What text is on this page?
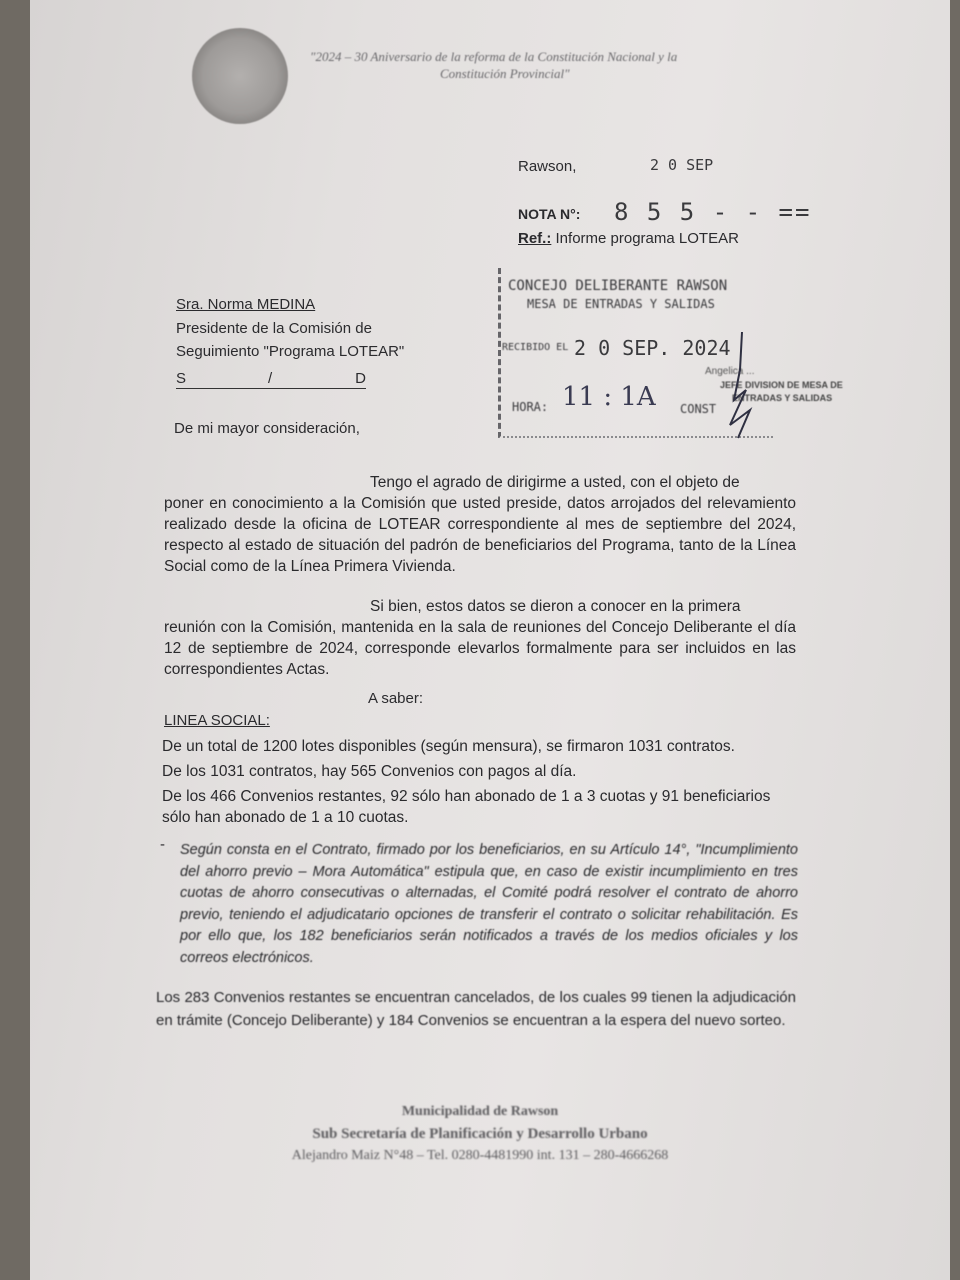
"2024 – 30 Aniversario de la reforma de la Constitución Nacional y la
Constitución Provincial"
Rawson,	2 0 SEP
NOTA N°: 8 5 5 - - ==
Ref.: Informe programa LOTEAR
CONCEJO DELIBERANTE RAWSON
MESA DE ENTRADAS Y SALIDAS
RECIBIDO EL 2 0 SEP. 2024
HORA: 11 : 1A CONST
Angelica ...
JEFE DIVISION DE MESA DE
ENTRADAS Y SALIDAS
Sra. Norma MEDINA
Presidente de la Comisión de
Seguimiento "Programa LOTEAR"
S	/	D
De mi mayor consideración,
Tengo el agrado de dirigirme a usted, con el objeto de
poner en conocimiento a la Comisión que usted preside, datos arrojados del relevamiento realizado desde la oficina de LOTEAR correspondiente al mes de septiembre del 2024, respecto al estado de situación del padrón de beneficiarios del Programa, tanto de la Línea Social como de la Línea Primera Vivienda.
Si bien, estos datos se dieron a conocer en la primera
reunión con la Comisión, mantenida en la sala de reuniones del Concejo Deliberante el día 12 de septiembre de 2024, corresponde elevarlos formalmente para ser incluidos en las correspondientes Actas.
A saber:
LINEA SOCIAL:
De un total de 1200 lotes disponibles (según mensura), se firmaron 1031 contratos.
De los 1031 contratos, hay 565 Convenios con pagos al día.
De los 466 Convenios restantes, 92 sólo han abonado de 1 a 3 cuotas y 91 beneficiarios sólo han abonado de 1 a 10 cuotas.
- Según consta en el Contrato, firmado por los beneficiarios, en su Artículo 14°, "Incumplimiento del ahorro previo – Mora Automática" estipula que, en caso de existir incumplimiento en tres cuotas de ahorro consecutivas o alternadas, el Comité podrá resolver el contrato de ahorro previo, teniendo el adjudicatario opciones de transferir el contrato o solicitar rehabilitación. Es por ello que, los 182 beneficiarios serán notificados a través de los medios oficiales y los correos electrónicos.
Los 283 Convenios restantes se encuentran cancelados, de los cuales 99 tienen la adjudicación en trámite (Concejo Deliberante) y 184 Convenios se encuentran a la espera del nuevo sorteo.
Municipalidad de Rawson
Sub Secretaría de Planificación y Desarrollo Urbano
Alejandro Maiz N°48 – Tel. 0280-4481990 int. 131 – 280-4666268
